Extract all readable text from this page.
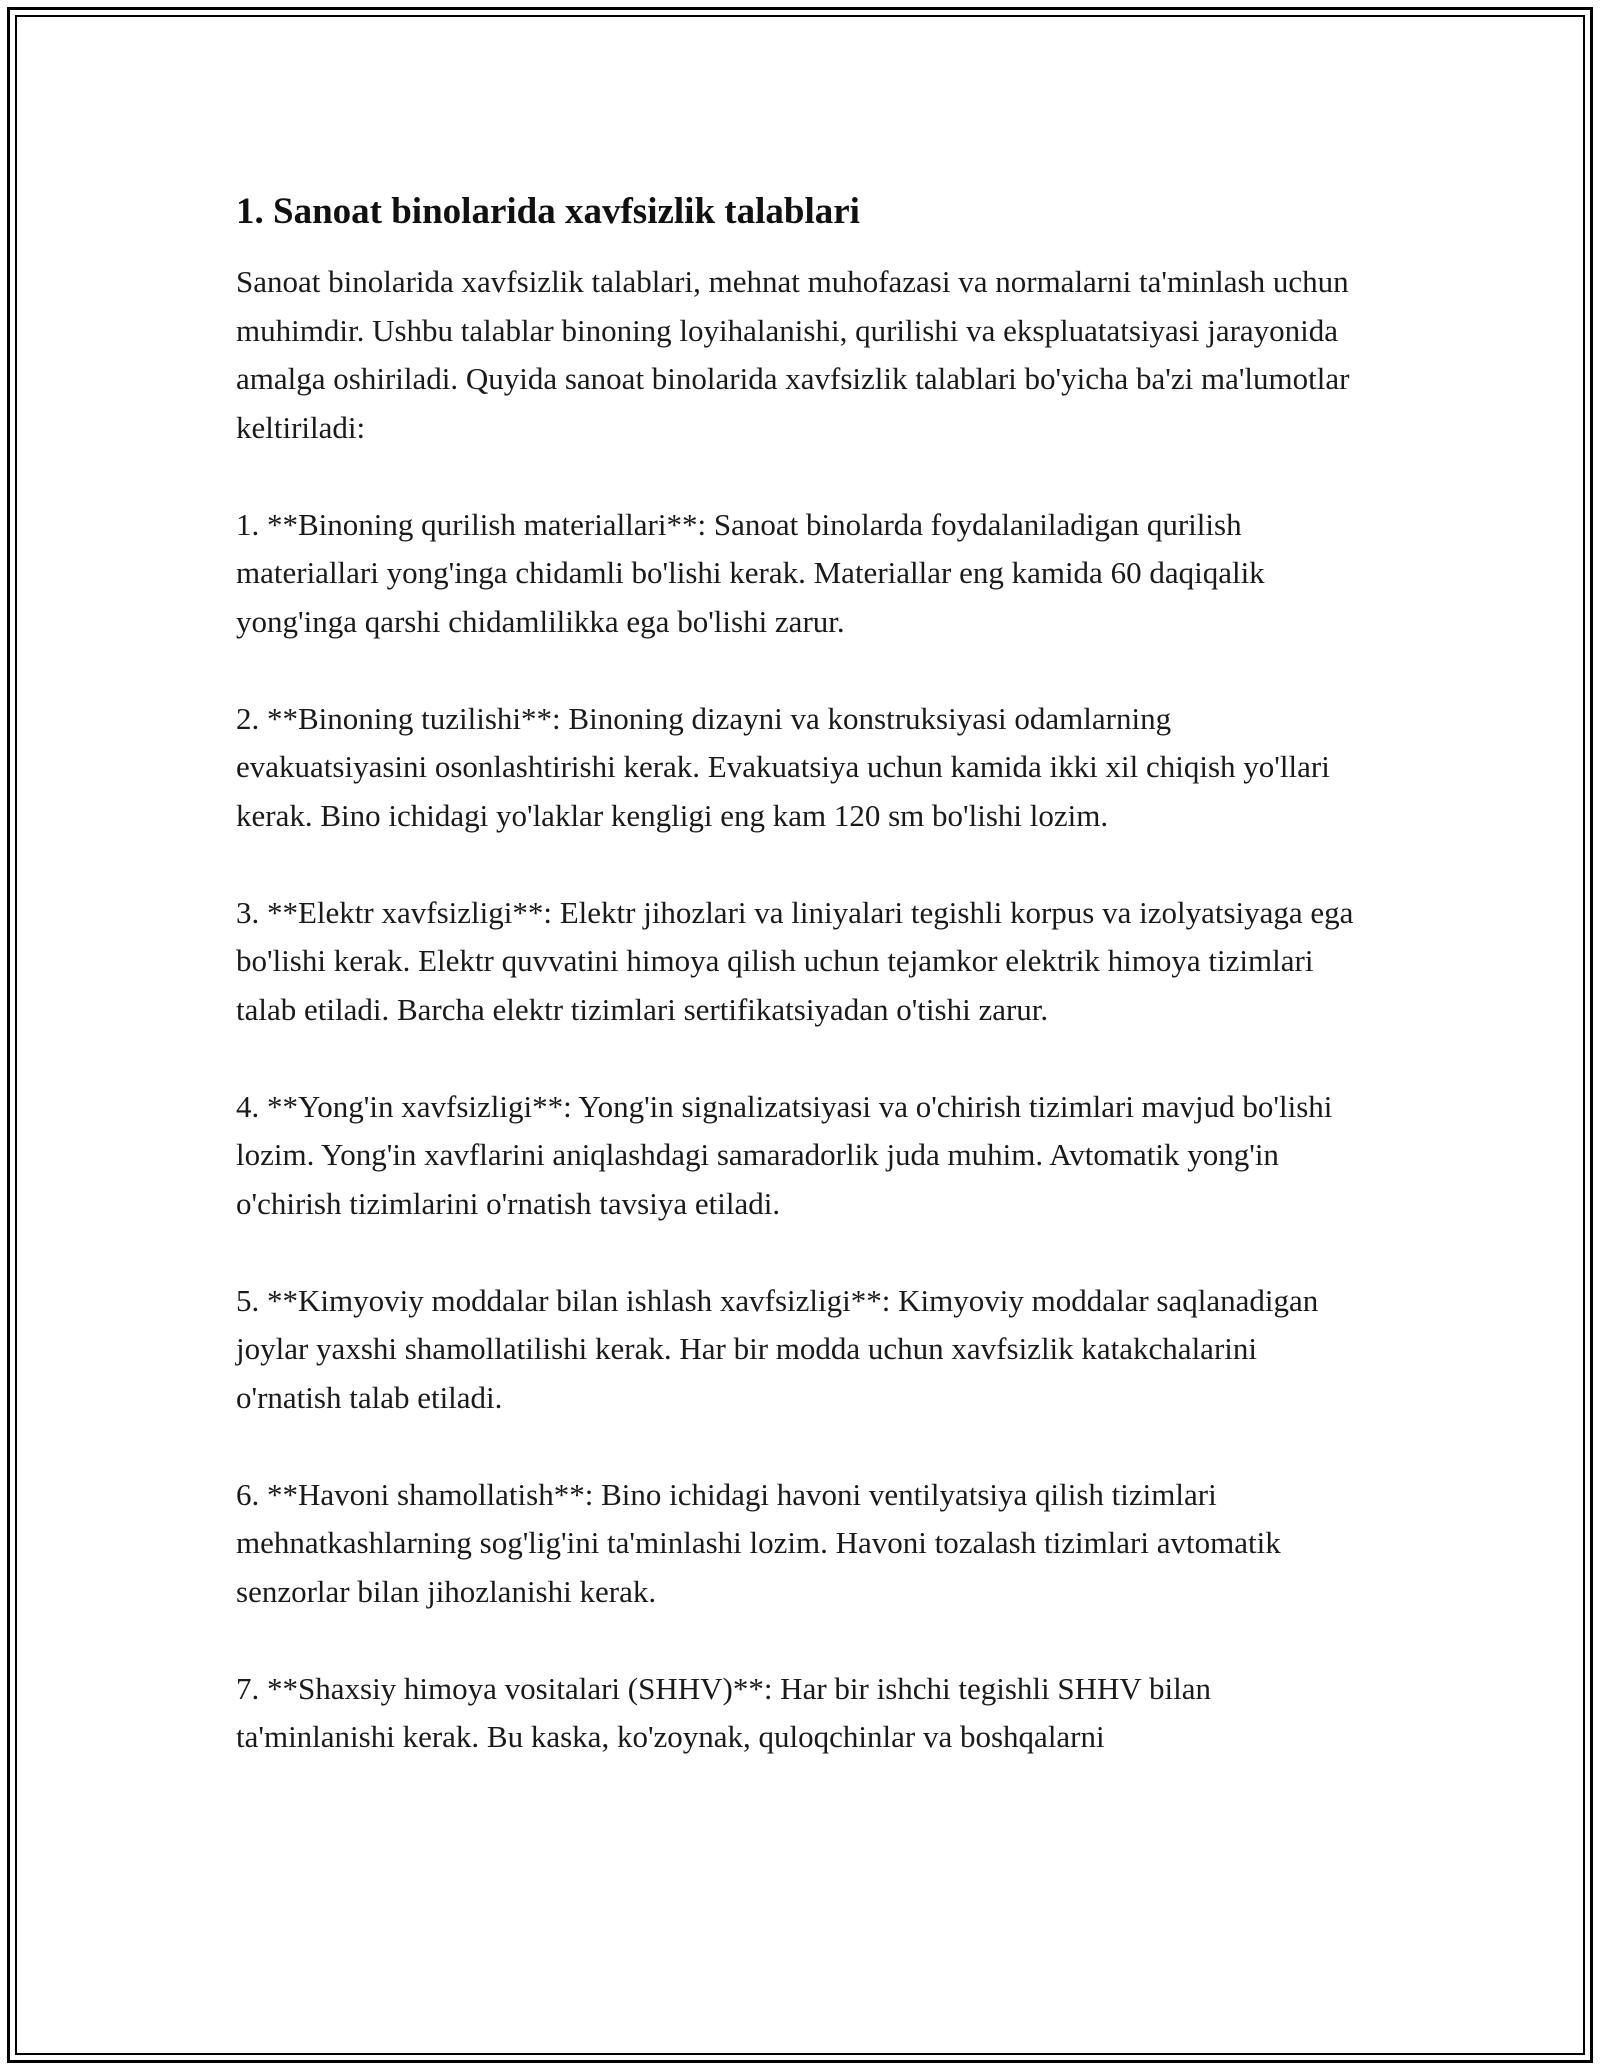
1. Sanoat binolarida xavfsizlik talablari

Sanoat binolarida xavfsizlik talablari, mehnat muhofazasi va normalarni ta'minlash uchun muhimdir. Ushbu talablar binoning loyihalanishi, qurilishi va ekspluatatsiyasi jarayonida amalga oshiriladi. Quyida sanoat binolarida xavfsizlik talablari bo'yicha ba'zi ma'lumotlar keltiriladi:

1. **Binoning qurilish materiallari**: Sanoat binolarda foydalaniladigan qurilish materiallari yong'inga chidamli bo'lishi kerak. Materiallar eng kamida 60 daqiqalik yong'inga qarshi chidamlilikka ega bo'lishi zarur.

2. **Binoning tuzilishi**: Binoning dizayni va konstruksiyasi odamlarning evakuatsiyasini osonlashtirishi kerak. Evakuatsiya uchun kamida ikki xil chiqish yo'llari kerak. Bino ichidagi yo'laklar kengligi eng kam 120 sm bo'lishi lozim.

3. **Elektr xavfsizligi**: Elektr jihozlari va liniyalari tegishli korpus va izolyatsiyaga ega bo'lishi kerak. Elektr quvvatini himoya qilish uchun tejamkor elektrik himoya tizimlari talab etiladi. Barcha elektr tizimlari sertifikatsiyadan o'tishi zarur.

4. **Yong'in xavfsizligi**: Yong'in signalizatsiyasi va o'chirish tizimlari mavjud bo'lishi lozim. Yong'in xavflarini aniqlashdagi samaradorlik juda muhim. Avtomatik yong'in o'chirish tizimlarini o'rnatish tavsiya etiladi.

5. **Kimyoviy moddalar bilan ishlash xavfsizligi**: Kimyoviy moddalar saqlanadigan joylar yaxshi shamollatilishi kerak. Har bir modda uchun xavfsizlik katakchalarini o'rnatish talab etiladi.

6. **Havoni shamollatish**: Bino ichidagi havoni ventilyatsiya qilish tizimlari mehnatkashlarning sog'lig'ini ta'minlashi lozim. Havoni tozalash tizimlari avtomatik senzorlar bilan jihozlanishi kerak.

7. **Shaxsiy himoya vositalari (SHHV)**: Har bir ishchi tegishli SHHV bilan ta'minlanishi kerak. Bu kaska, ko'zoynak, quloqchinlar va boshqalarni
